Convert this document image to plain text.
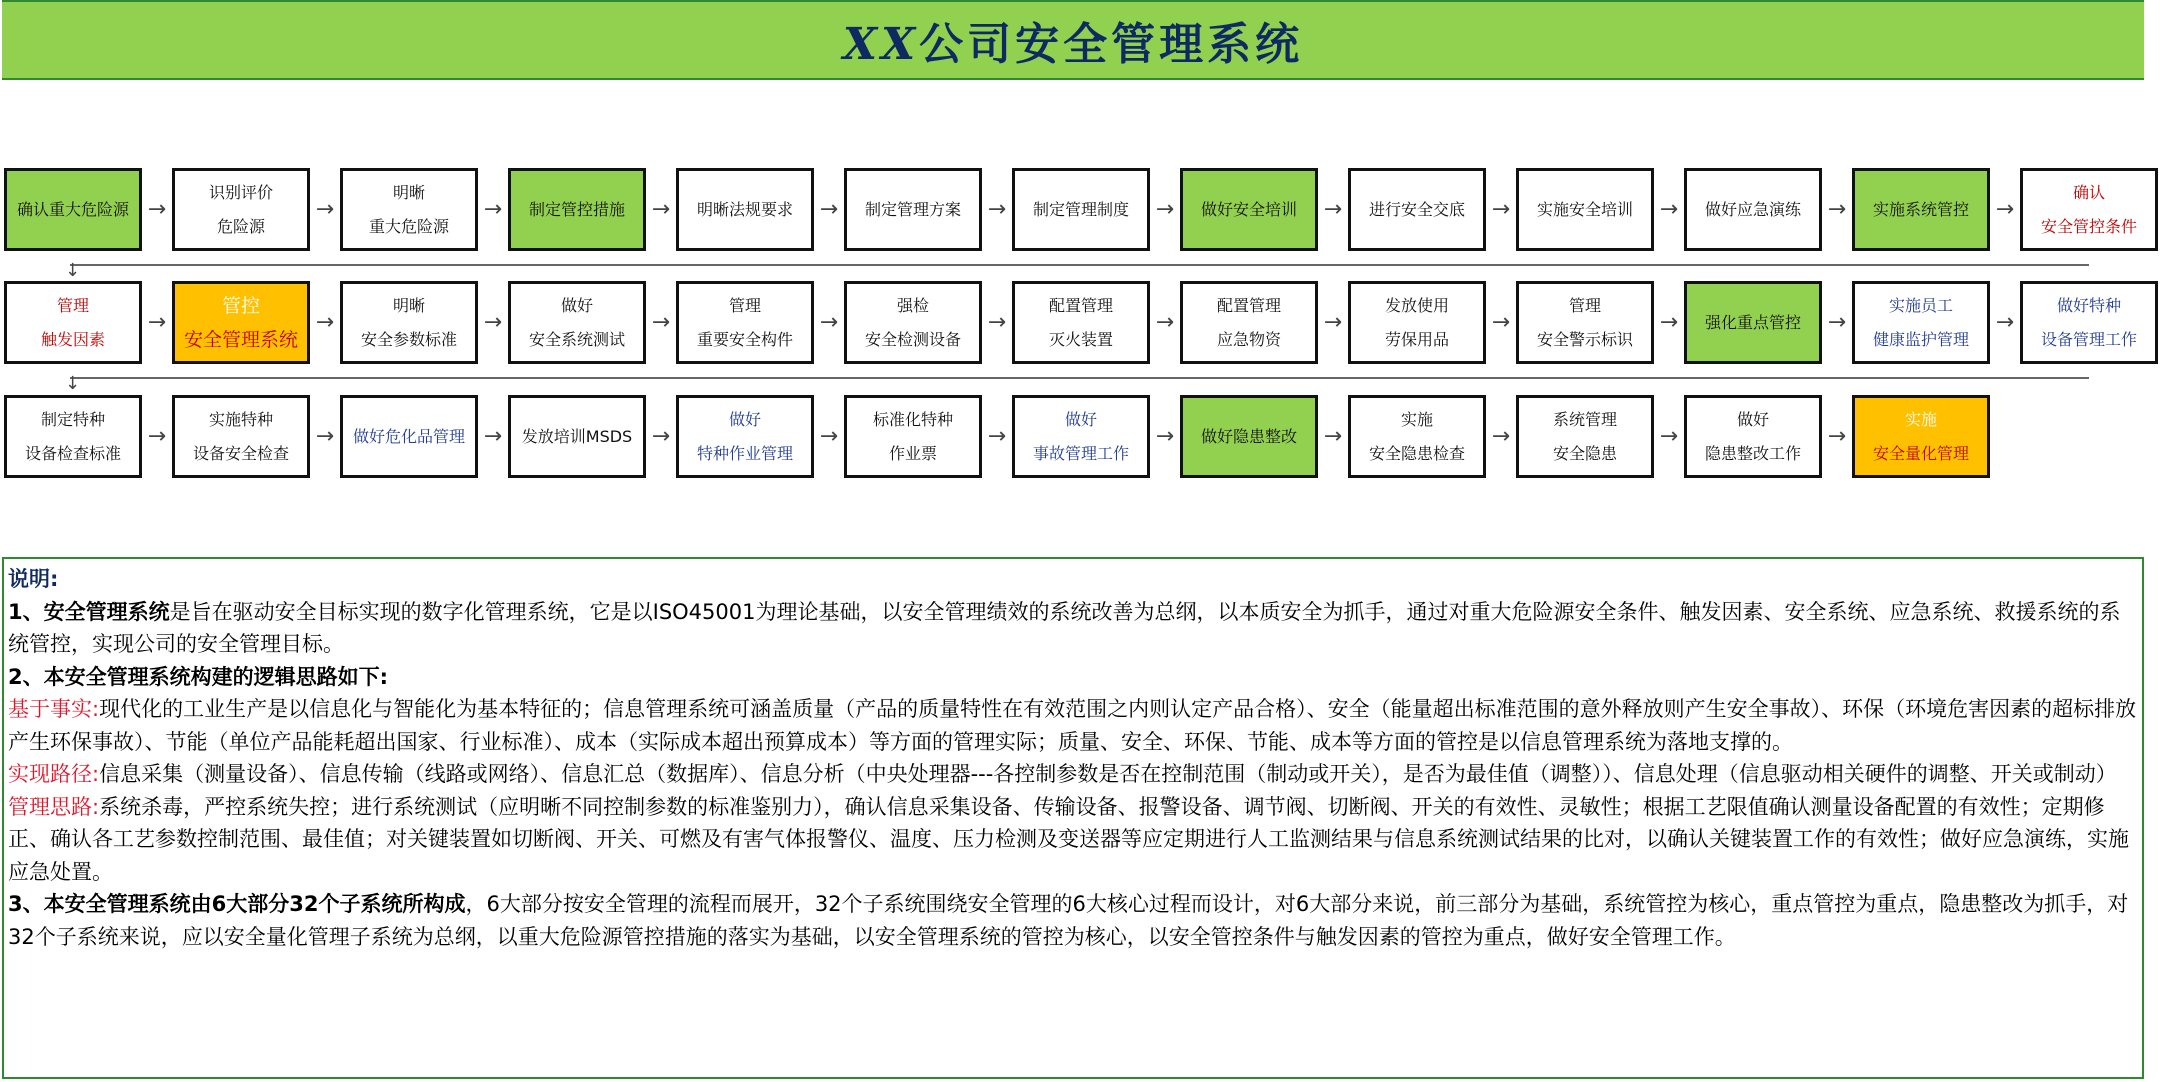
XX公司安全管理系统
确认重大危险源 →
识别评价
危险源
→
明晰
重大危险源
→ 制定管控措施 → 明晰法规要求 → 制定管理方案 → 制定管理制度 → 做好安全培训 → 进行安全交底 → 实施安全培训 → 做好应急演练 → 实施系统管控 →
确认
安全管控条件
↓
管理
触发因素
→
管控
安全管理系统
→
明晰
安全参数标准
→
做好
安全系统测试
→
管理
重要安全构件
→
强检
安全检测设备
→
配置管理
灭火装置
→
配置管理
应急物资
→
发放使用
劳保用品
→
管理
安全警示标识
→ 强化重点管控 →
实施员工
健康监护管理
→
做好特种
设备管理工作
↓
制定特种
设备检查标准
→
实施特种
设备安全检查
→ 做好危化品管理 → 发放培训MSDS →
做好
特种作业管理
→
标准化特种
作业票
→
做好
事故管理工作
→ 做好隐患整改 →
实施
安全隐患检查
→
系统管理
安全隐患
→
做好
隐患整改工作
→
实施
安全量化管理

说明:

1、安全管理系统是旨在驱动安全目标实现的数字化管理系统，它是以ISO45001为理论基础，以安全管理绩效的系统改善为总纲，以本质安全为抓手，通过对重大危险源安全条件、触发因素、安全系统、应急系统、救援系统的系统管控，实现公司的安全管理目标。

2、本安全管理系统构建的逻辑思路如下:

基于事实:现代化的工业生产是以信息化与智能化为基本特征的；信息管理系统可涵盖质量（产品的质量特性在有效范围之内则认定产品合格）、安全（能量超出标准范围的意外释放则产生安全事故）、环保（环境危害因素的超标排放产生环保事故）、节能（单位产品能耗超出国家、行业标准）、成本（实际成本超出预算成本）等方面的管理实际；质量、安全、环保、节能、成本等方面的管控是以信息管理系统为落地支撑的。

实现路径:信息采集（测量设备）、信息传输（线路或网络）、信息汇总（数据库）、信息分析（中央处理器---各控制参数是否在控制范围（制动或开关），是否为最佳值（调整））、信息处理（信息驱动相关硬件的调整、开关或制动）

管理思路:系统杀毒，严控系统失控；进行系统测试（应明晰不同控制参数的标准鉴别力），确认信息采集设备、传输设备、报警设备、调节阀、切断阀、开关的有效性、灵敏性；根据工艺限值确认测量设备配置的有效性；定期修正、确认各工艺参数控制范围、最佳值；对关键装置如切断阀、开关、可燃及有害气体报警仪、温度、压力检测及变送器等应定期进行人工监测结果与信息系统测试结果的比对，以确认关键装置工作的有效性；做好应急演练，实施应急处置。

3、本安全管理系统由6大部分32个子系统所构成，6大部分按安全管理的流程而展开，32个子系统围绕安全管理的6大核心过程而设计，对6大部分来说，前三部分为基础，系统管控为核心，重点管控为重点，隐患整改为抓手，对32个子系统来说，应以安全量化管理子系统为总纲，以重大危险源管控措施的落实为基础，以安全管理系统的管控为核心，以安全管控条件与触发因素的管控为重点，做好安全管理工作。
